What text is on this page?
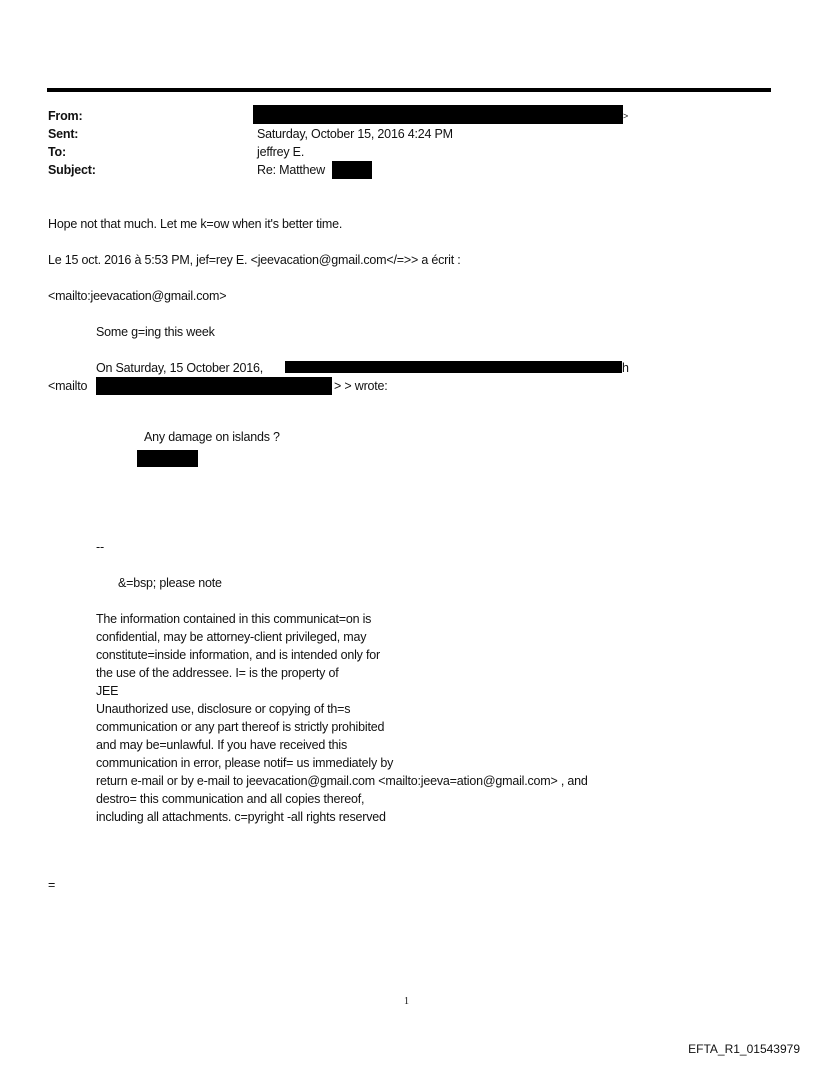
From:	>
Sent:	Saturday, October 15, 2016 4:24 PM
To:	jeffrey E.
Subject:	Re: Matthew
Hope not that much. Let me k=ow when it's better time.
Le 15 oct. 2016 à 5:53 PM, jef=rey E. <jeevacation@gmail.com</=>> a écrit :
<mailto:jeevacation@gmail.com>
Some g=ing this week
On Saturday, 15 October 2016,	h
<mailto	> > wrote:
Any damage on islands ?
--
&=bsp; please note
The information contained in this communicat=on is
confidential, may be attorney-client privileged, may
constitute=inside information, and is intended only for
the use of the addressee. I= is the property of
JEE
Unauthorized use, disclosure or copying of th=s
communication or any part thereof is strictly prohibited
and may be=unlawful. If you have received this
communication in error, please notif= us immediately by
return e-mail or by e-mail to jeevacation@gmail.com <mailto:jeeva=ation@gmail.com> , and
destro= this communication and all copies thereof,
including all attachments. c=pyright -all rights reserved
=
1
EFTA_R1_01543979
